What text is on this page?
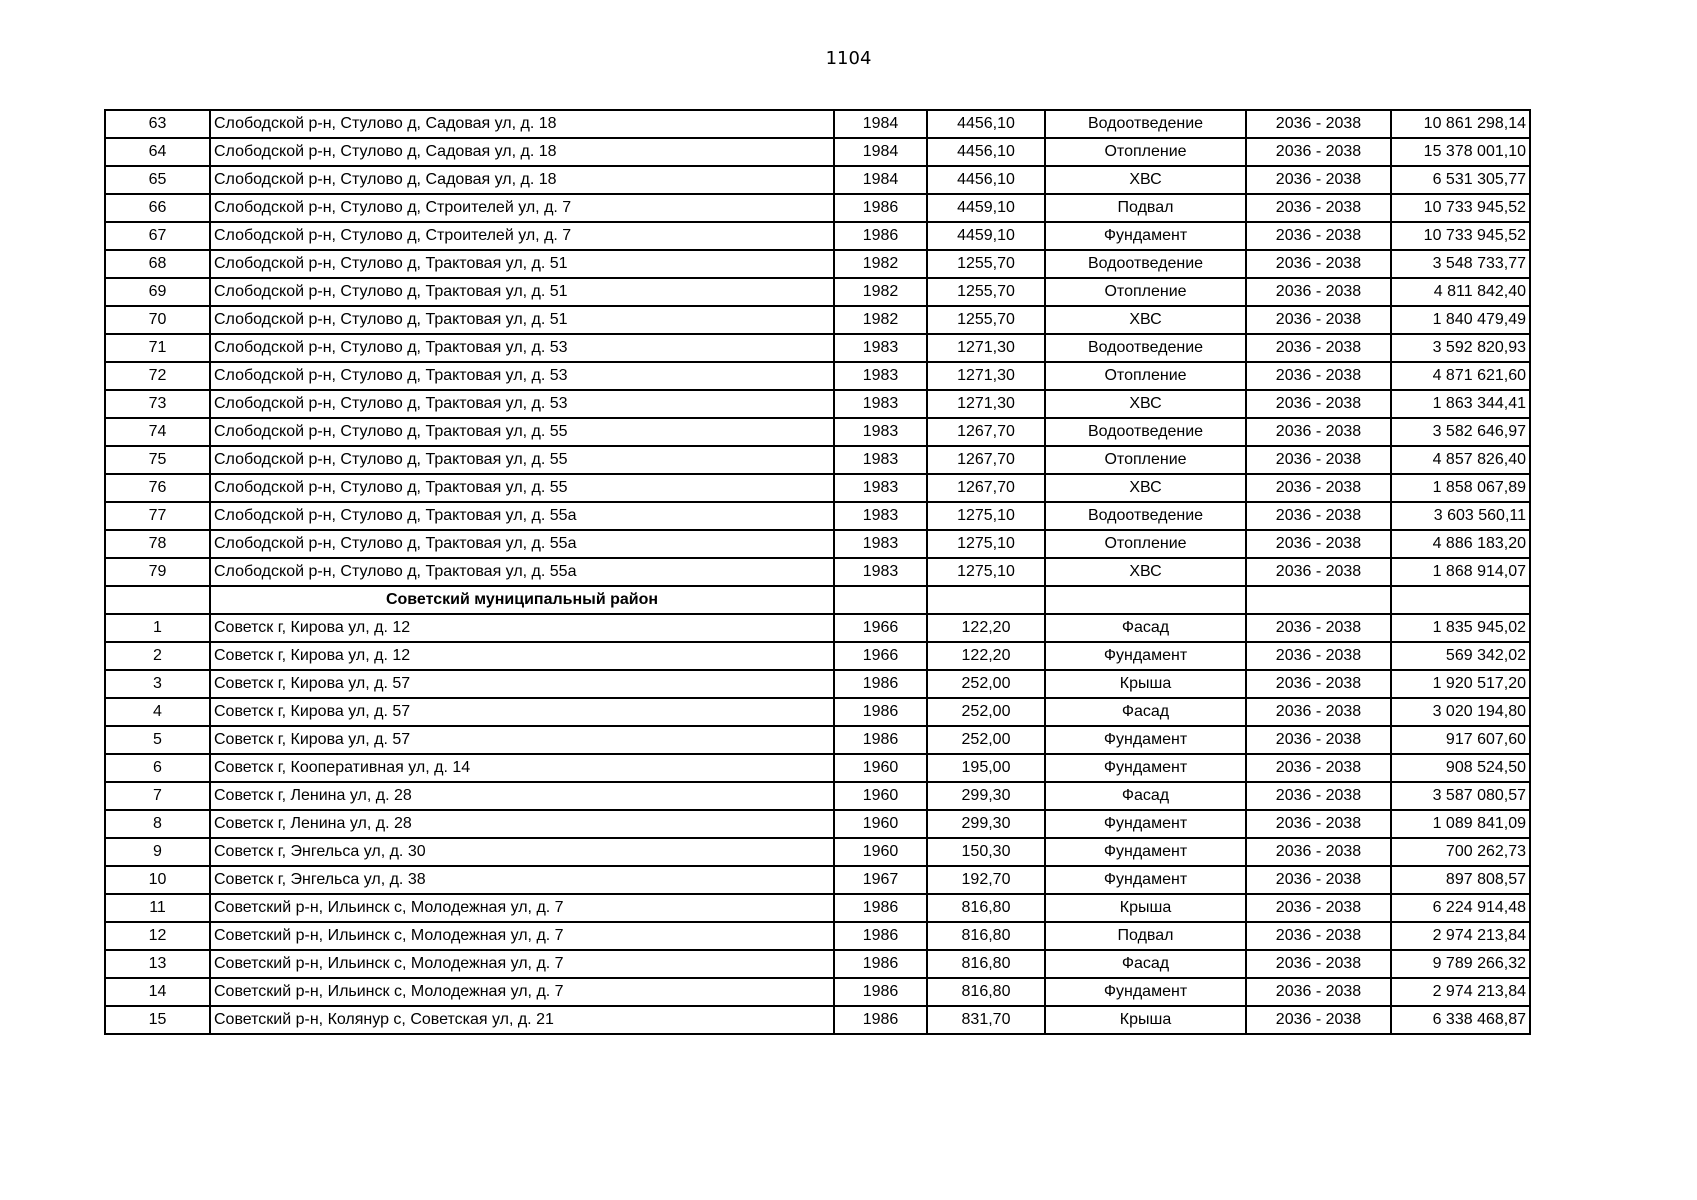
1104
63	Слободской р-н, Стулово д, Садовая ул, д. 18	1984	4456,10	Водоотведение	2036 - 2038	10 861 298,14
64	Слободской р-н, Стулово д, Садовая ул, д. 18	1984	4456,10	Отопление	2036 - 2038	15 378 001,10
65	Слободской р-н, Стулово д, Садовая ул, д. 18	1984	4456,10	ХВС	2036 - 2038	6 531 305,77
66	Слободской р-н, Стулово д, Строителей ул, д. 7	1986	4459,10	Подвал	2036 - 2038	10 733 945,52
67	Слободской р-н, Стулово д, Строителей ул, д. 7	1986	4459,10	Фундамент	2036 - 2038	10 733 945,52
68	Слободской р-н, Стулово д, Трактовая ул, д. 51	1982	1255,70	Водоотведение	2036 - 2038	3 548 733,77
69	Слободской р-н, Стулово д, Трактовая ул, д. 51	1982	1255,70	Отопление	2036 - 2038	4 811 842,40
70	Слободской р-н, Стулово д, Трактовая ул, д. 51	1982	1255,70	ХВС	2036 - 2038	1 840 479,49
71	Слободской р-н, Стулово д, Трактовая ул, д. 53	1983	1271,30	Водоотведение	2036 - 2038	3 592 820,93
72	Слободской р-н, Стулово д, Трактовая ул, д. 53	1983	1271,30	Отопление	2036 - 2038	4 871 621,60
73	Слободской р-н, Стулово д, Трактовая ул, д. 53	1983	1271,30	ХВС	2036 - 2038	1 863 344,41
74	Слободской р-н, Стулово д, Трактовая ул, д. 55	1983	1267,70	Водоотведение	2036 - 2038	3 582 646,97
75	Слободской р-н, Стулово д, Трактовая ул, д. 55	1983	1267,70	Отопление	2036 - 2038	4 857 826,40
76	Слободской р-н, Стулово д, Трактовая ул, д. 55	1983	1267,70	ХВС	2036 - 2038	1 858 067,89
77	Слободской р-н, Стулово д, Трактовая ул, д. 55а	1983	1275,10	Водоотведение	2036 - 2038	3 603 560,11
78	Слободской р-н, Стулово д, Трактовая ул, д. 55а	1983	1275,10	Отопление	2036 - 2038	4 886 183,20
79	Слободской р-н, Стулово д, Трактовая ул, д. 55а	1983	1275,10	ХВС	2036 - 2038	1 868 914,07
	Советский муниципальный район					
1	Советск г, Кирова ул, д. 12	1966	122,20	Фасад	2036 - 2038	1 835 945,02
2	Советск г, Кирова ул, д. 12	1966	122,20	Фундамент	2036 - 2038	569 342,02
3	Советск г, Кирова ул, д. 57	1986	252,00	Крыша	2036 - 2038	1 920 517,20
4	Советск г, Кирова ул, д. 57	1986	252,00	Фасад	2036 - 2038	3 020 194,80
5	Советск г, Кирова ул, д. 57	1986	252,00	Фундамент	2036 - 2038	917 607,60
6	Советск г, Кооперативная ул, д. 14	1960	195,00	Фундамент	2036 - 2038	908 524,50
7	Советск г, Ленина ул, д. 28	1960	299,30	Фасад	2036 - 2038	3 587 080,57
8	Советск г, Ленина ул, д. 28	1960	299,30	Фундамент	2036 - 2038	1 089 841,09
9	Советск г, Энгельса ул, д. 30	1960	150,30	Фундамент	2036 - 2038	700 262,73
10	Советск г, Энгельса ул, д. 38	1967	192,70	Фундамент	2036 - 2038	897 808,57
11	Советский р-н, Ильинск с, Молодежная ул, д. 7	1986	816,80	Крыша	2036 - 2038	6 224 914,48
12	Советский р-н, Ильинск с, Молодежная ул, д. 7	1986	816,80	Подвал	2036 - 2038	2 974 213,84
13	Советский р-н, Ильинск с, Молодежная ул, д. 7	1986	816,80	Фасад	2036 - 2038	9 789 266,32
14	Советский р-н, Ильинск с, Молодежная ул, д. 7	1986	816,80	Фундамент	2036 - 2038	2 974 213,84
15	Советский р-н, Колянур с, Советская ул, д. 21	1986	831,70	Крыша	2036 - 2038	6 338 468,87
